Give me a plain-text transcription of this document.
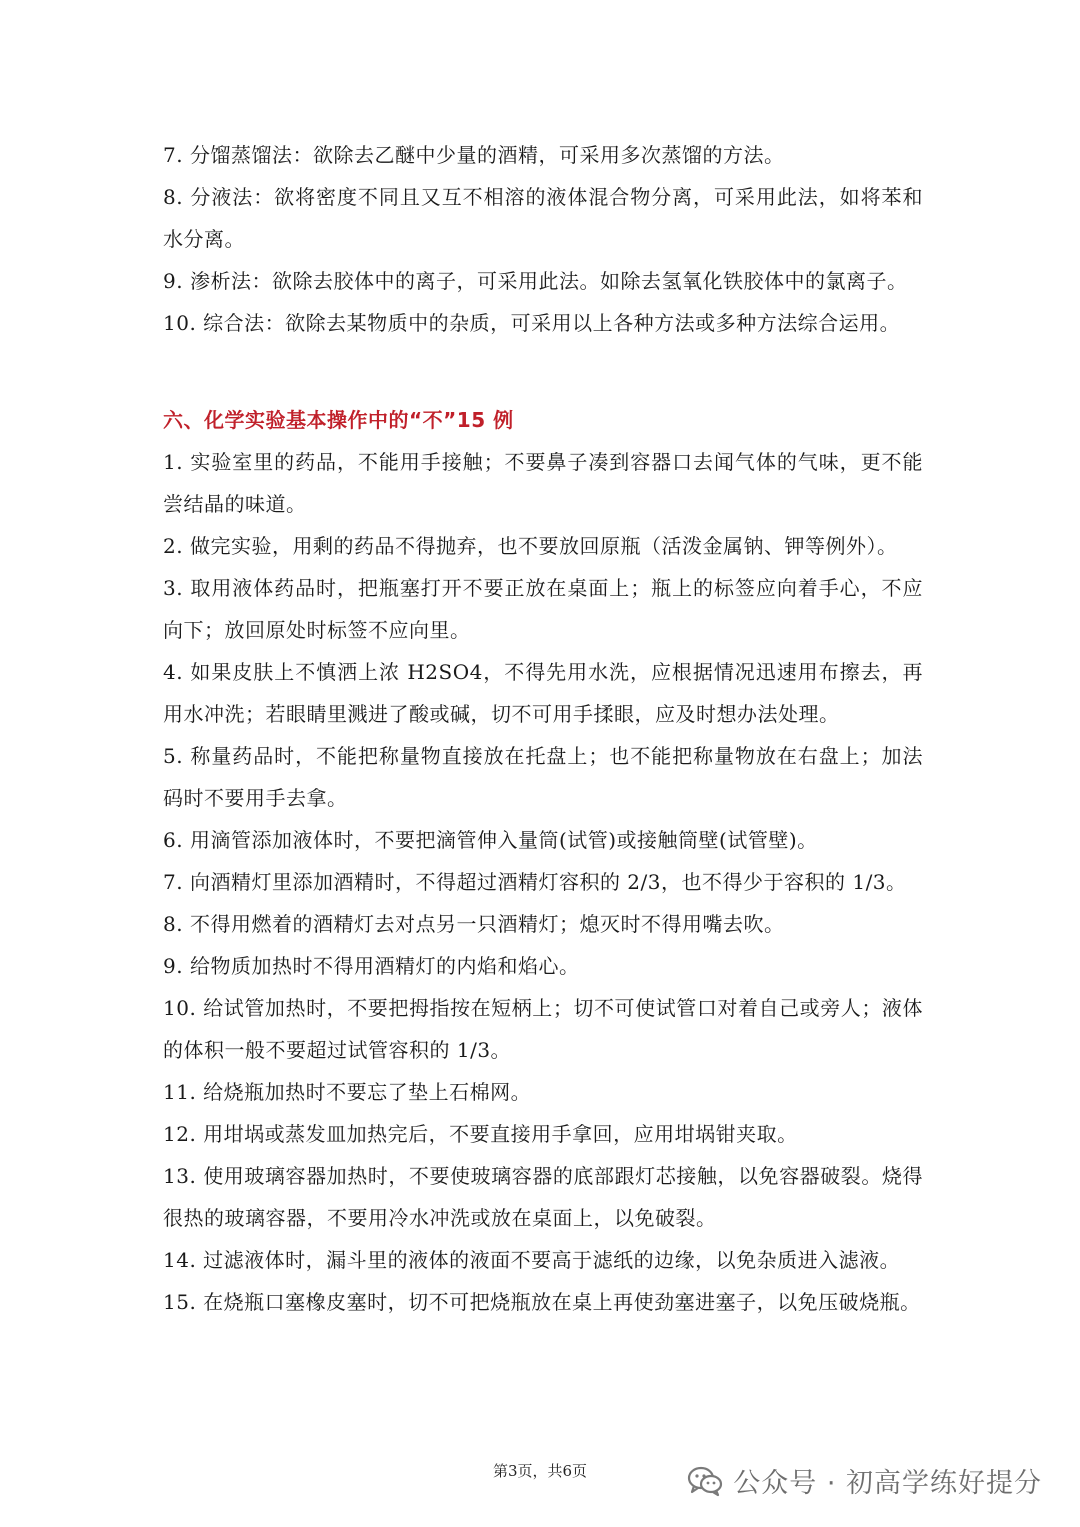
7. 分馏蒸馏法：欲除去乙醚中少量的酒精，可采用多次蒸馏的方法。

8. 分液法：欲将密度不同且又互不相溶的液体混合物分离，可采用此法，如将苯和水分离。

9. 渗析法：欲除去胶体中的离子，可采用此法。如除去氢氧化铁胶体中的氯离子。

10. 综合法：欲除去某物质中的杂质，可采用以上各种方法或多种方法综合运用。

六、化学实验基本操作中的“不”15 例

1. 实验室里的药品，不能用手接触；不要鼻子凑到容器口去闻气体的气味，更不能尝结晶的味道。

2. 做完实验，用剩的药品不得抛弃，也不要放回原瓶（活泼金属钠、钾等例外）。

3. 取用液体药品时，把瓶塞打开不要正放在桌面上；瓶上的标签应向着手心，不应向下；放回原处时标签不应向里。

4. 如果皮肤上不慎洒上浓 H2SO4，不得先用水洗，应根据情况迅速用布擦去，再用水冲洗；若眼睛里溅进了酸或碱，切不可用手揉眼，应及时想办法处理。

5. 称量药品时，不能把称量物直接放在托盘上；也不能把称量物放在右盘上；加法码时不要用手去拿。

6. 用滴管添加液体时，不要把滴管伸入量筒(试管)或接触筒壁(试管壁)。

7. 向酒精灯里添加酒精时，不得超过酒精灯容积的 2/3，也不得少于容积的 1/3。

8. 不得用燃着的酒精灯去对点另一只酒精灯；熄灭时不得用嘴去吹。

9. 给物质加热时不得用酒精灯的内焰和焰心。

10. 给试管加热时，不要把拇指按在短柄上；切不可使试管口对着自己或旁人；液体的体积一般不要超过试管容积的 1/3。

11. 给烧瓶加热时不要忘了垫上石棉网。

12. 用坩埚或蒸发皿加热完后，不要直接用手拿回，应用坩埚钳夹取。

13. 使用玻璃容器加热时，不要使玻璃容器的底部跟灯芯接触，以免容器破裂。烧得很热的玻璃容器，不要用冷水冲洗或放在桌面上，以免破裂。

14. 过滤液体时，漏斗里的液体的液面不要高于滤纸的边缘，以免杂质进入滤液。

15. 在烧瓶口塞橡皮塞时，切不可把烧瓶放在桌上再使劲塞进塞子，以免压破烧瓶。

第3页，共6页	公众号 · 初高学练好提分
